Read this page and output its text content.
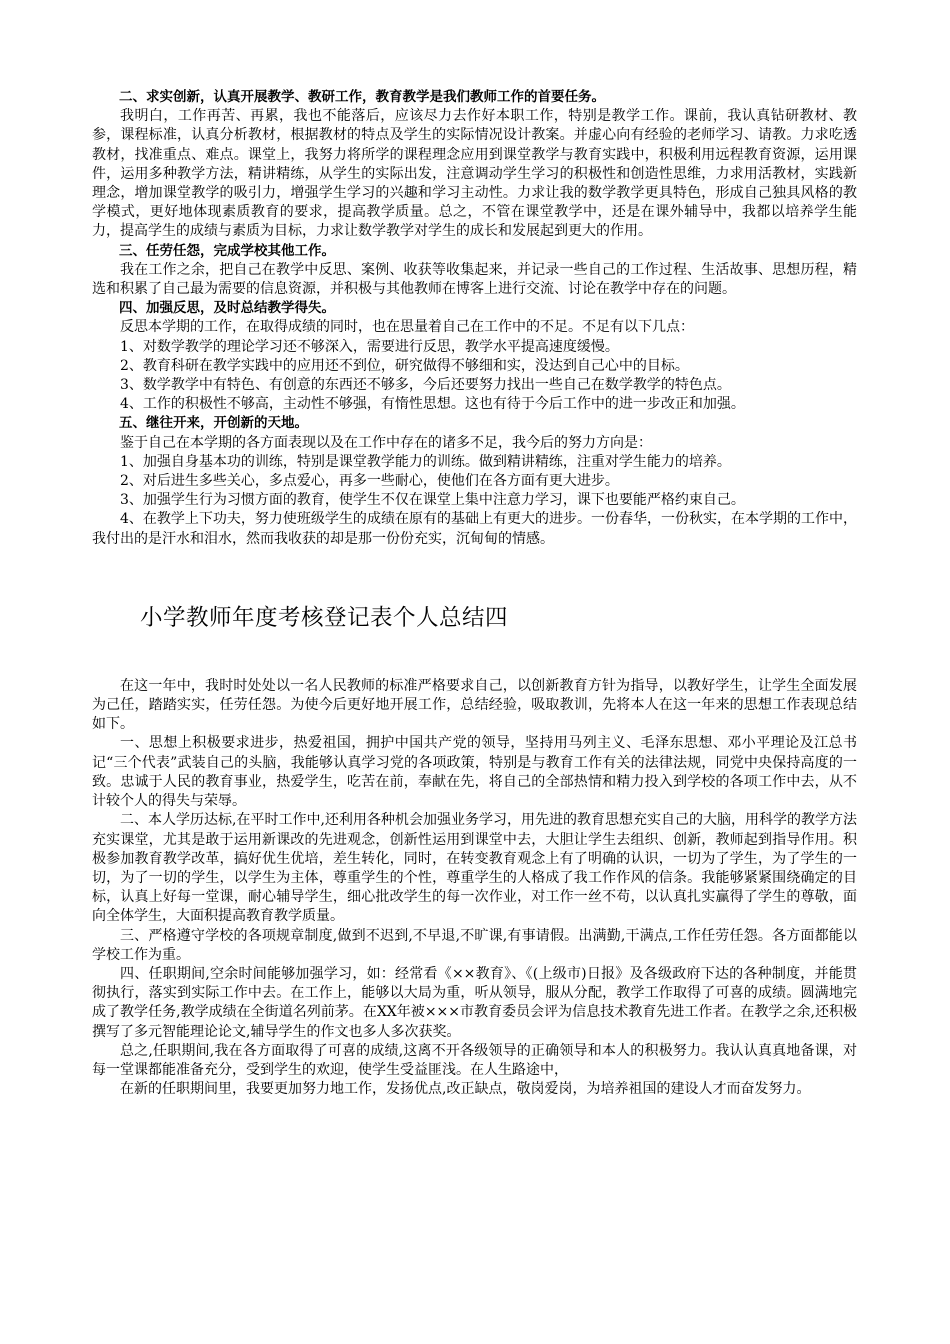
二、求实创新，认真开展教学、教研工作，教育教学是我们教师工作的首要任务。

我明白，工作再苦、再累，我也不能落后，应该尽力去作好本职工作，特别是教学工作。课前，我认真钻研教材、教参，课程标准，认真分析教材，根据教材的特点及学生的实际情况设计教案。并虚心向有经验的老师学习、请教。力求吃透教材，找准重点、难点。课堂上，我努力将所学的课程理念应用到课堂教学与教育实践中，积极利用远程教育资源，运用课件，运用多种教学方法，精讲精练，从学生的实际出发，注意调动学生学习的积极性和创造性思维，力求用活教材，实践新理念，增加课堂教学的吸引力，增强学生学习的兴趣和学习主动性。力求让我的数学教学更具特色，形成自己独具风格的教学模式，更好地体现素质教育的要求，提高教学质量。总之，不管在课堂教学中，还是在课外辅导中，我都以培养学生能力，提高学生的成绩与素质为目标，力求让数学教学对学生的成长和发展起到更大的作用。

三、任劳任怨，完成学校其他工作。

我在工作之余，把自己在教学中反思、案例、收获等收集起来，并记录一些自己的工作过程、生活故事、思想历程，精选和积累了自己最为需要的信息资源，并积极与其他教师在博客上进行交流、讨论在教学中存在的问题。

四、加强反思，及时总结教学得失。

反思本学期的工作，在取得成绩的同时，也在思量着自己在工作中的不足。不足有以下几点：

1、对数学教学的理论学习还不够深入，需要进行反思，教学水平提高速度缓慢。

2、教育科研在教学实践中的应用还不到位，研究做得不够细和实，没达到自己心中的目标。

3、数学教学中有特色、有创意的东西还不够多，今后还要努力找出一些自己在数学教学的特色点。

4、工作的积极性不够高，主动性不够强，有惰性思想。这也有待于今后工作中的进一步改正和加强。

五、继往开来，开创新的天地。

鉴于自己在本学期的各方面表现以及在工作中存在的诸多不足，我今后的努力方向是：

1、加强自身基本功的训练，特别是课堂教学能力的训练。做到精讲精练，注重对学生能力的培养。

2、对后进生多些关心，多点爱心，再多一些耐心，使他们在各方面有更大进步。

3、加强学生行为习惯方面的教育，使学生不仅在课堂上集中注意力学习，课下也要能严格约束自己。

4、在教学上下功夫，努力使班级学生的成绩在原有的基础上有更大的进步。一份春华，一份秋实，在本学期的工作中，我付出的是汗水和泪水，然而我收获的却是那一份份充实，沉甸甸的情感。

小学教师年度考核登记表个人总结四

在这一年中，我时时处处以一名人民教师的标准严格要求自己，以创新教育方针为指导，以教好学生，让学生全面发展为己任，踏踏实实，任劳任怨。为使今后更好地开展工作，总结经验，吸取教训，先将本人在这一年来的思想工作表现总结如下。

一、思想上积极要求进步，热爱祖国，拥护中国共产党的领导，坚持用马列主义、毛泽东思想、邓小平理论及江总书记“三个代表”武装自己的头脑，我能够认真学习党的各项政策，特别是与教育工作有关的法律法规，同党中央保持高度的一致。忠诚于人民的教育事业，热爱学生，吃苦在前，奉献在先，将自己的全部热情和精力投入到学校的各项工作中去，从不计较个人的得失与荣辱。

二、本人学历达标,在平时工作中,还利用各种机会加强业务学习，用先进的教育思想充实自己的大脑，用科学的教学方法充实课堂，尤其是敢于运用新课改的先进观念，创新性运用到课堂中去，大胆让学生去组织、创新，教师起到指导作用。积极参加教育教学改革，搞好优生优培，差生转化，同时，在转变教育观念上有了明确的认识，一切为了学生，为了学生的一切，为了一切的学生，以学生为主体，尊重学生的个性，尊重学生的人格成了我工作作风的信条。我能够紧紧围绕确定的目标，认真上好每一堂课，耐心辅导学生，细心批改学生的每一次作业，对工作一丝不苟，以认真扎实赢得了学生的尊敬，面向全体学生，大面积提高教育教学质量。

三、严格遵守学校的各项规章制度,做到不迟到,不早退,不旷课,有事请假。出满勤,干满点,工作任劳任怨。各方面都能以学校工作为重。

四、任职期间,空余时间能够加强学习，如：经常看《××教育》、《(上级市)日报》及各级政府下达的各种制度，并能贯彻执行，落实到实际工作中去。在工作上，能够以大局为重，听从领导，服从分配，教学工作取得了可喜的成绩。圆满地完成了教学任务,教学成绩在全街道名列前茅。在XX年被×××市教育委员会评为信息技术教育先进工作者。在教学之余,还积极撰写了多元智能理论论文,辅导学生的作文也多人多次获奖。

总之,任职期间,我在各方面取得了可喜的成绩,这离不开各级领导的正确领导和本人的积极努力。我认认真真地备课，对每一堂课都能准备充分，受到学生的欢迎，使学生受益匪浅。在人生路途中，

在新的任职期间里，我要更加努力地工作，发扬优点,改正缺点，敬岗爱岗，为培养祖国的建设人才而奋发努力。
